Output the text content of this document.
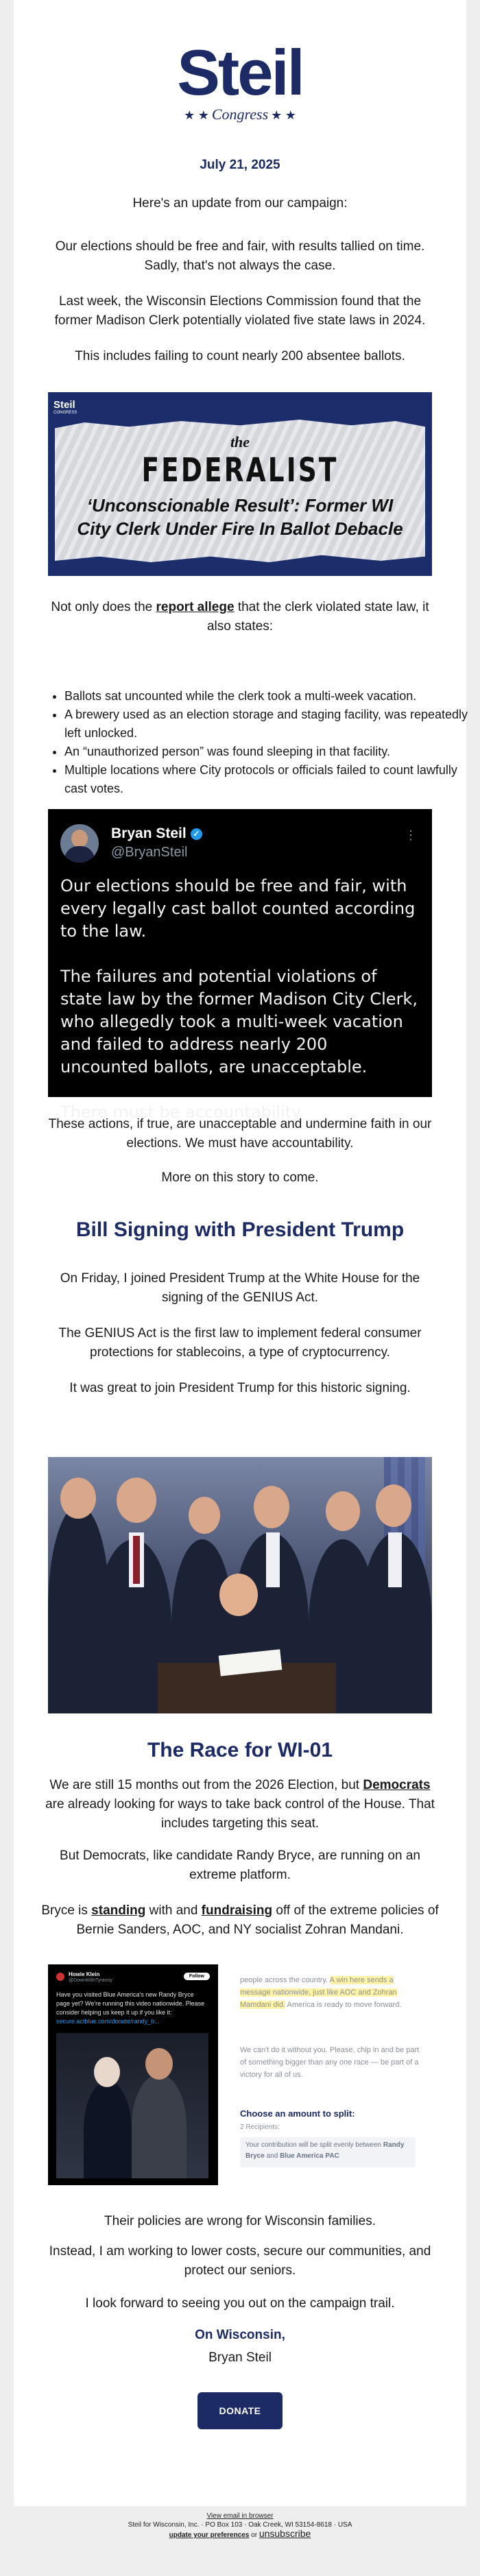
Steil
★ ★ Congress ★ ★
July 21, 2025
Here's an update from our campaign:
Our elections should be free and fair, with results tallied on time. Sadly, that's not always the case.
Last week, the Wisconsin Elections Commission found that the former Madison Clerk potentially violated five state laws in 2024.
This includes failing to count nearly 200 absentee ballots.
Steil
CONGRESS
the
FEDERALIST
‘Unconscionable Result’: Former WI City Clerk Under Fire In Ballot Debacle
Not only does the report allege that the clerk violated state law, it also states:
• Ballots sat uncounted while the clerk took a multi-week vacation.
• A brewery used as an election storage and staging facility, was repeatedly left unlocked.
• An “unauthorized person” was found sleeping in that facility.
• Multiple locations where City protocols or officials failed to count lawfully cast votes.
Bryan Steil ✓
@BryanSteil
⋮

Our elections should be free and fair, with every legally cast ballot counted according to the law.

The failures and potential violations of state law by the former Madison City Clerk, who allegedly took a multi-week vacation and failed to address nearly 200 uncounted ballots, are unacceptable.

There must be accountability.

These actions, if true, are unacceptable and undermine faith in our elections. We must have accountability.
More on this story to come.
Bill Signing with President Trump
On Friday, I joined President Trump at the White House for the signing of the GENIUS Act.
The GENIUS Act is the first law to implement federal consumer protections for stablecoins, a type of cryptocurrency.
It was great to join President Trump for this historic signing.
The Race for WI-01
We are still 15 months out from the 2026 Election, but Democrats are already looking for ways to take back control of the House. That includes targeting this seat.
But Democrats, like candidate Randy Bryce, are running on an extreme platform.
Bryce is standing with and fundraising off of the extreme policies of Bernie Sanders, AOC, and NY socialist Zohran Mandani.
Howie Klein
@DownWithTyranny
Follow
Have you visited Blue America's new Randy Bryce page yet? We're running this video nationwide. Please consider helping us keep it up if you like it: secure.actblue.com/donate/randy_b...
people across the country. A win here sends a message nationwide, just like AOC and Zohran Mamdani did. America is ready to move forward.
We can't do it without you. Please, chip in and be part of something bigger than any one race — be part of a victory for all of us.
Choose an amount to split:
2 Recipients:
Your contribution will be split evenly between Randy Bryce and Blue America PAC
Their policies are wrong for Wisconsin families.
Instead, I am working to lower costs, secure our communities, and protect our seniors.
I look forward to seeing you out on the campaign trail.
On Wisconsin,
Bryan Steil
DONATE
View email in browser
Steil for Wisconsin, Inc. · PO Box 103 · Oak Creek, WI 53154-8618 · USA
update your preferences or unsubscribe
